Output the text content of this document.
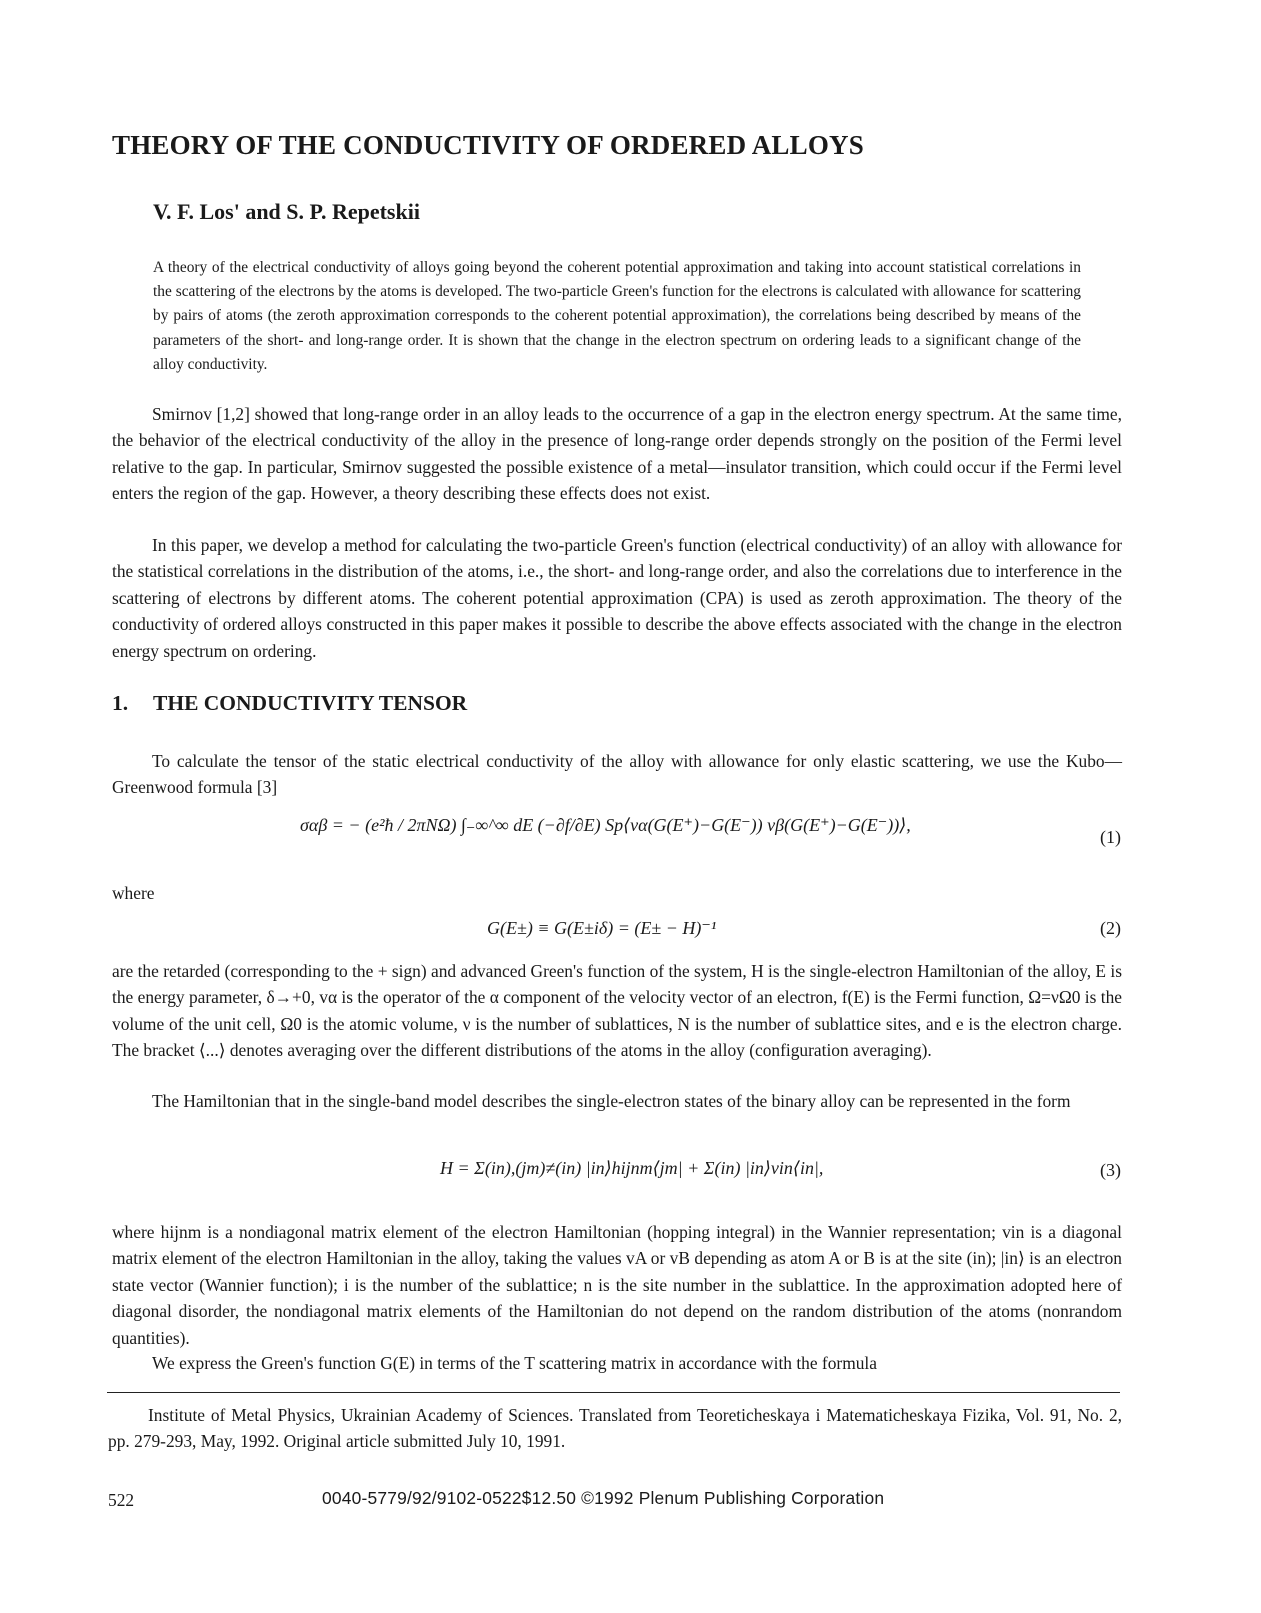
THEORY OF THE CONDUCTIVITY OF ORDERED ALLOYS
V. F. Los' and S. P. Repetskii

A theory of the electrical conductivity of alloys going beyond the coherent potential approximation and taking into account statistical correlations in the scattering of the electrons by the atoms is developed. The two-particle Green's function for the electrons is calculated with allowance for scattering by pairs of atoms (the zeroth approximation corresponds to the coherent potential approximation), the correlations being described by means of the parameters of the short- and long-range order. It is shown that the change in the electron spectrum on ordering leads to a significant change of the alloy conductivity.

Smirnov [1,2] showed that long-range order in an alloy leads to the occurrence of a gap in the electron energy spectrum. At the same time, the behavior of the electrical conductivity of the alloy in the presence of long-range order depends strongly on the position of the Fermi level relative to the gap. In particular, Smirnov suggested the possible existence of a metal—insulator transition, which could occur if the Fermi level enters the region of the gap. However, a theory describing these effects does not exist.

In this paper, we develop a method for calculating the two-particle Green's function (electrical conductivity) of an alloy with allowance for the statistical correlations in the distribution of the atoms, i.e., the short- and long-range order, and also the correlations due to interference in the scattering of electrons by different atoms. The coherent potential approximation (CPA) is used as zeroth approximation. The theory of the conductivity of ordered alloys constructed in this paper makes it possible to describe the above effects associated with the change in the electron energy spectrum on ordering.

1. THE CONDUCTIVITY TENSOR

To calculate the tensor of the static electrical conductivity of the alloy with allowance for only elastic scattering, we use the Kubo—Greenwood formula [3]

σαβ = − (e²ħ / 2πNΩ) ∫₋∞^∞ dE (−∂f/∂E) Sp⟨vα(G(E⁺)−G(E⁻)) vβ(G(E⁺)−G(E⁻))⟩,
(1)

where

G(E±) ≡ G(E±iδ) = (E± − H)⁻¹	(2)

are the retarded (corresponding to the + sign) and advanced Green's function of the system, H is the single-electron Hamiltonian of the alloy, E is the energy parameter, δ→+0, vα is the operator of the α component of the velocity vector of an electron, f(E) is the Fermi function, Ω=νΩ0 is the volume of the unit cell, Ω0 is the atomic volume, ν is the number of sublattices, N is the number of sublattice sites, and e is the electron charge. The bracket ⟨...⟩ denotes averaging over the different distributions of the atoms in the alloy (configuration averaging).

The Hamiltonian that in the single-band model describes the single-electron states of the binary alloy can be represented in the form

H = Σ(in),(jm)≠(in) |in⟩hijnm⟨jm| + Σ(in) |in⟩vin⟨in|,	(3)

where hijnm is a nondiagonal matrix element of the electron Hamiltonian (hopping integral) in the Wannier representation; vin is a diagonal matrix element of the electron Hamiltonian in the alloy, taking the values vA or vB depending as atom A or B is at the site (in); |in⟩ is an electron state vector (Wannier function); i is the number of the sublattice; n is the site number in the sublattice. In the approximation adopted here of diagonal disorder, the nondiagonal matrix elements of the Hamiltonian do not depend on the random distribution of the atoms (nonrandom quantities).

We express the Green's function G(E) in terms of the T scattering matrix in accordance with the formula

Institute of Metal Physics, Ukrainian Academy of Sciences. Translated from Teoreticheskaya i Matematicheskaya Fizika, Vol. 91, No. 2, pp. 279-293, May, 1992. Original article submitted July 10, 1991.

522	0040-5779/92/9102-0522$12.50 ©1992 Plenum Publishing Corporation
